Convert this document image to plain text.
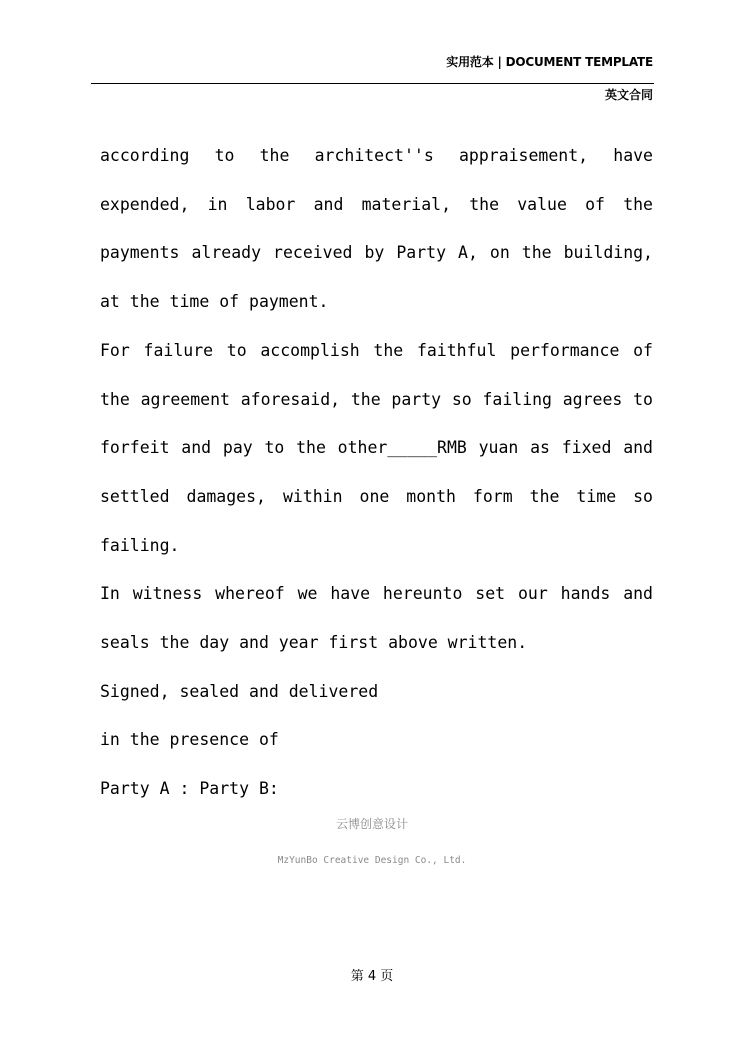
实用范本 | DOCUMENT TEMPLATE
英文合同

according to the architect''s appraisement, have expended, in labor and material, the value of the payments already received by Party A, on the building, at the time of payment.

For failure to accomplish the faithful performance of the agreement aforesaid, the party so failing agrees to forfeit and pay to the other_____RMB yuan as fixed and settled damages, within one month form the time so failing.

In witness whereof we have hereunto set our hands and seals the day and year first above written.

Signed, sealed and delivered

in the presence of

Party A : Party B:

云博创意设计
MzYunBo Creative Design Co., Ltd.
第 4 页
